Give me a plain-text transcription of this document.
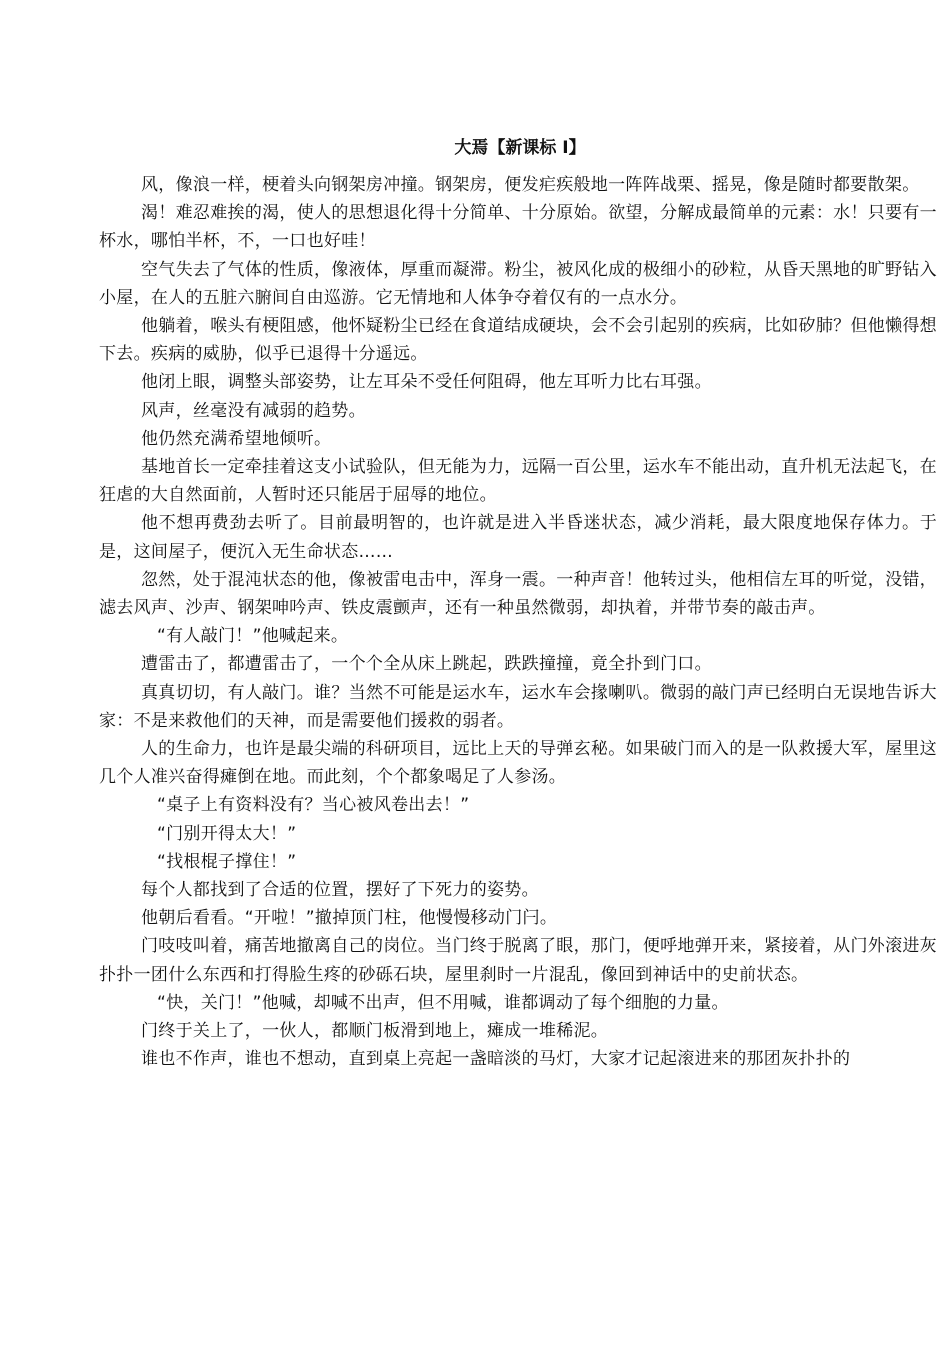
大焉【新课标 I】

风，像浪一样，梗着头向钢架房冲撞。钢架房，便发疟疾般地一阵阵战栗、摇晃，像是随时都要散架。

渴！难忍难挨的渴，使人的思想退化得十分简单、十分原始。欲望，分解成最简单的元素：水！只要有一杯水，哪怕半杯，不，一口也好哇！

空气失去了气体的性质，像液体，厚重而凝滞。粉尘，被风化成的极细小的砂粒，从昏天黑地的旷野钻入小屋，在人的五脏六腑间自由巡游。它无情地和人体争夺着仅有的一点水分。

他躺着，喉头有梗阻感，他怀疑粉尘已经在食道结成硬块，会不会引起别的疾病，比如矽肺？但他懒得想下去。疾病的威胁，似乎已退得十分遥远。

他闭上眼，调整头部姿势，让左耳朵不受任何阻碍，他左耳听力比右耳强。

风声，丝毫没有减弱的趋势。

他仍然充满希望地倾听。

基地首长一定牵挂着这支小试验队，但无能为力，远隔一百公里，运水车不能出动，直升机无法起飞，在狂虐的大自然面前，人暂时还只能居于屈辱的地位。

他不想再费劲去听了。目前最明智的，也许就是进入半昏迷状态，减少消耗，最大限度地保存体力。于是，这间屋子，便沉入无生命状态……

忽然，处于混沌状态的他，像被雷电击中，浑身一震。一种声音！他转过头，他相信左耳的听觉，没错，滤去风声、沙声、钢架呻吟声、铁皮震颤声，还有一种虽然微弱，却执着，并带节奏的敲击声。

“有人敲门！”他喊起来。

遭雷击了，都遭雷击了，一个个全从床上跳起，跌跌撞撞，竟全扑到门口。

真真切切，有人敲门。谁？当然不可能是运水车，运水车会掾喇叭。微弱的敲门声已经明白无误地告诉大家：不是来救他们的天神，而是需要他们援救的弱者。

人的生命力，也许是最尖端的科研项目，远比上天的导弹玄秘。如果破门而入的是一队救援大军，屋里这几个人准兴奋得瘫倒在地。而此刻，个个都象喝足了人参汤。

“桌子上有资料没有？当心被风卷出去！”

“门别开得太大！”

“找根棍子撑住！”

每个人都找到了合适的位置，摆好了下死力的姿势。

他朝后看看。“开啦！”撤掉顶门柱，他慢慢移动门闩。

门吱吱叫着，痛苦地撤离自己的岗位。当门终于脱离了眼，那门，便呼地弹开来，紧接着，从门外滚进灰扑扑一团什么东西和打得脸生疼的砂砾石块，屋里刹时一片混乱，像回到神话中的史前状态。

“快，关门！”他喊，却喊不出声，但不用喊，谁都调动了每个细胞的力量。

门终于关上了，一伙人，都顺门板滑到地上，瘫成一堆稀泥。

谁也不作声，谁也不想动，直到桌上亮起一盏暗淡的马灯，大家才记起滚进来的那团灰扑扑的
